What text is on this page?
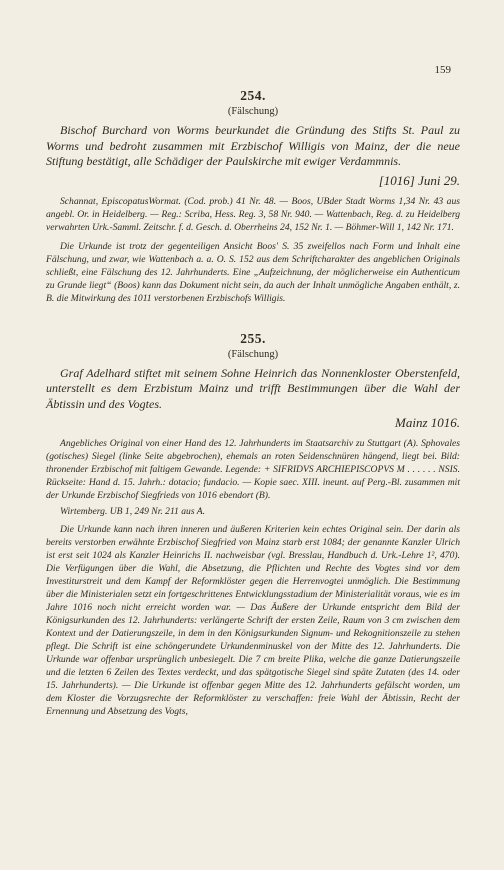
159
254.
(Fälschung)

Bischof Burchard von Worms beurkundet die Gründung des Stifts St. Paul zu Worms und bedroht zusammen mit Erzbischof Willigis von Mainz, der die neue Stiftung bestätigt, alle Schädiger der Paulskirche mit ewiger Verdammnis.

[1016] Juni 29.

Schannat, EpiscopatusWormat. (Cod. prob.) 41 Nr. 48. — Boos, UBder Stadt Worms 1,34 Nr. 43 aus angebl. Or. in Heidelberg. — Reg.: Scriba, Hess. Reg. 3, 58 Nr. 940. — Wattenbach, Reg. d. zu Heidelberg verwahrten Urk.-Samml. Zeitschr. f. d. Gesch. d. Oberrheins 24, 152 Nr. 1. — Böhmer-Will 1, 142 Nr. 171.

Die Urkunde ist trotz der gegenteiligen Ansicht Boos' S. 35 zweifellos nach Form und Inhalt eine Fälschung, und zwar, wie Wattenbach a. a. O. S. 152 aus dem Schriftcharakter des angeblichen Originals schließt, eine Fälschung des 12. Jahrhunderts. Eine „Aufzeichnung, der möglicherweise ein Authenticum zu Grunde liegt“ (Boos) kann das Dokument nicht sein, da auch der Inhalt unmögliche Angaben enthält, z. B. die Mitwirkung des 1011 verstorbenen Erzbischofs Willigis.

255.
(Fälschung)

Graf Adelhard stiftet mit seinem Sohne Heinrich das Nonnenkloster Oberstenfeld, unterstellt es dem Erzbistum Mainz und trifft Bestimmungen über die Wahl der Äbtissin und des Vogtes.

Mainz 1016.

Angebliches Original von einer Hand des 12. Jahrhunderts im Staatsarchiv zu Stuttgart (A). Sphovales (gotisches) Siegel (linke Seite abgebrochen), ehemals an roten Seidenschnüren hängend, liegt bei. Bild: thronender Erzbischof mit faltigem Gewande. Legende: + SIFRIDVS ARCHIEPISCOPVS M . . . . . . NSIS. Rückseite: Hand d. 15. Jahrh.: dotacio; fundacio. — Kopie saec. XIII. ineunt. auf Perg.-Bl. zusammen mit der Urkunde Erzbischof Siegfrieds von 1016 ebendort (B).

Wirtemberg. UB 1, 249 Nr. 211 aus A.

Die Urkunde kann nach ihren inneren und äußeren Kriterien kein echtes Original sein. Der darin als bereits verstorben erwähnte Erzbischof Siegfried von Mainz starb erst 1084; der genannte Kanzler Ulrich ist erst seit 1024 als Kanzler Heinrichs II. nachweisbar (vgl. Bresslau, Handbuch d. Urk.-Lehre 1², 470). Die Verfügungen über die Wahl, die Absetzung, die Pflichten und Rechte des Vogtes sind vor dem Investiturstreit und dem Kampf der Reformklöster gegen die Herrenvogtei unmöglich. Die Bestimmung über die Ministerialen setzt ein fortgeschrittenes Entwicklungsstadium der Ministerialität voraus, wie es im Jahre 1016 noch nicht erreicht worden war. — Das Äußere der Urkunde entspricht dem Bild der Königsurkunden des 12. Jahrhunderts: verlängerte Schrift der ersten Zeile, Raum von 3 cm zwischen dem Kontext und der Datierungszeile, in dem in den Königsurkunden Signum- und Rekognitionszeile zu stehen pflegt. Die Schrift ist eine schöngerundete Urkundenminuskel von der Mitte des 12. Jahrhunderts. Die Urkunde war offenbar ursprünglich unbesiegelt. Die 7 cm breite Plika, welche die ganze Datierungszeile und die letzten 6 Zeilen des Textes verdeckt, und das spätgotische Siegel sind späte Zutaten (des 14. oder 15. Jahrhunderts). — Die Urkunde ist offenbar gegen Mitte des 12. Jahrhunderts gefälscht worden, um dem Kloster die Vorzugsrechte der Reformklöster zu verschaffen: freie Wahl der Äbtissin, Recht der Ernennung und Absetzung des Vogts,
